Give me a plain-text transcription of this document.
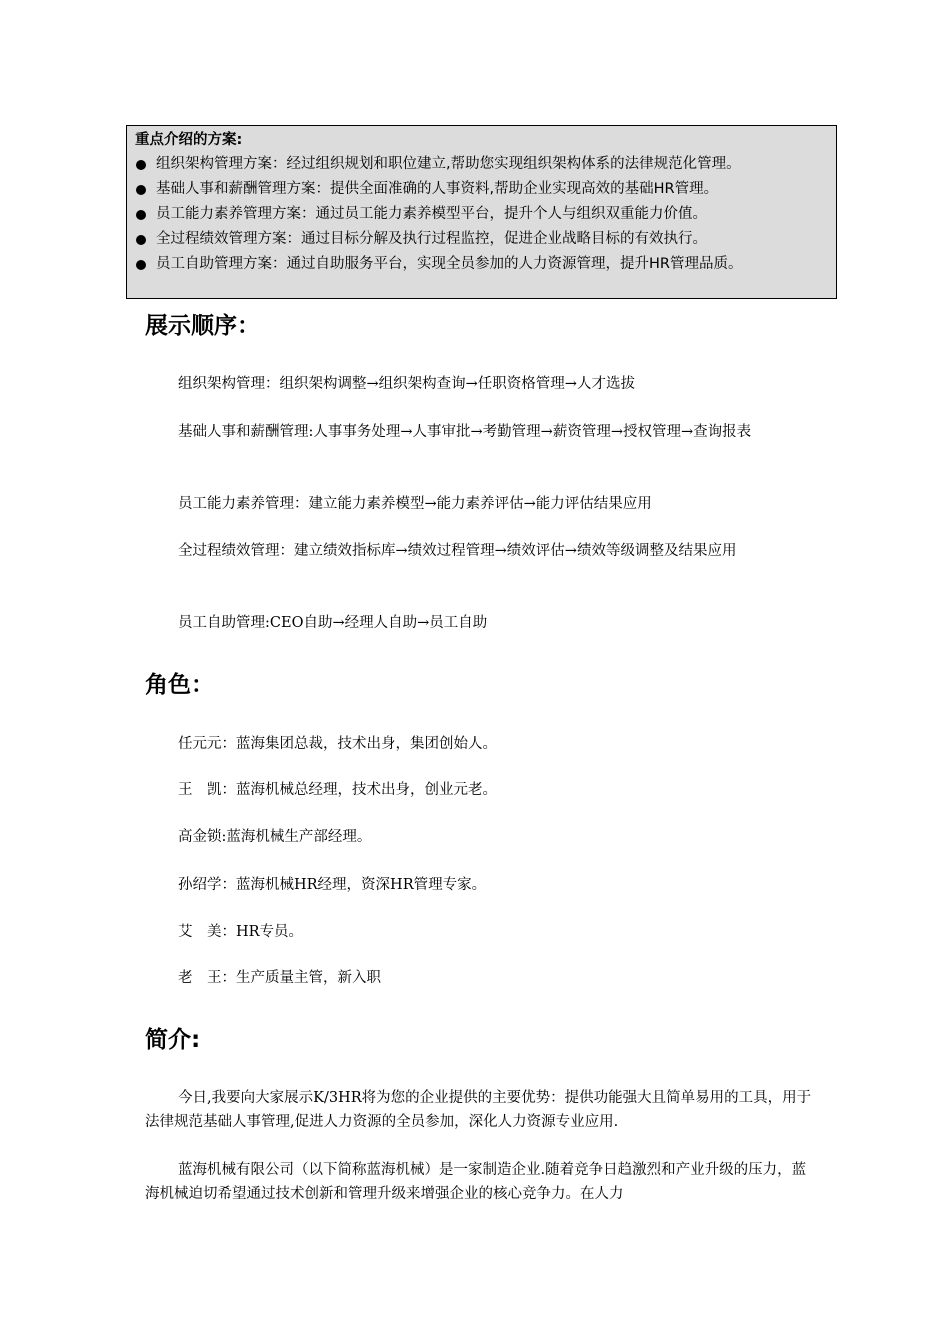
重点介绍的方案:
组织架构管理方案：经过组织规划和职位建立,帮助您实现组织架构体系的法律规范化管理。
基础人事和薪酬管理方案：提供全面准确的人事资料,帮助企业实现高效的基础HR管理。
员工能力素养管理方案：通过员工能力素养模型平台，提升个人与组织双重能力价值。
全过程绩效管理方案：通过目标分解及执行过程监控，促进企业战略目标的有效执行。
员工自助管理方案：通过自助服务平台，实现全员参加的人力资源管理，提升HR管理品质。
展示顺序：

组织架构管理：组织架构调整→组织架构查询→任职资格管理→人才选拔

基础人事和薪酬管理:人事事务处理→人事审批→考勤管理→薪资管理→授权管理→查询报表

员工能力素养管理：建立能力素养模型→能力素养评估→能力评估结果应用

全过程绩效管理：建立绩效指标库→绩效过程管理→绩效评估→绩效等级调整及结果应用

员工自助管理:CEO自助→经理人自助→员工自助

角色：

任元元：蓝海集团总裁，技术出身，集团创始人。

王　凯：蓝海机械总经理，技术出身，创业元老。

高金锁:蓝海机械生产部经理。

孙绍学：蓝海机械HR经理，资深HR管理专家。

艾　美：HR专员。

老　王：生产质量主管，新入职

简介:

今日,我要向大家展示K/3HR将为您的企业提供的主要优势：提供功能强大且简单易用的工具，用于法律规范基础人事管理,促进人力资源的全员参加，深化人力资源专业应用.

蓝海机械有限公司（以下简称蓝海机械）是一家制造企业.随着竞争日趋激烈和产业升级的压力，蓝海机械迫切希望通过技术创新和管理升级来增强企业的核心竞争力。在人力
